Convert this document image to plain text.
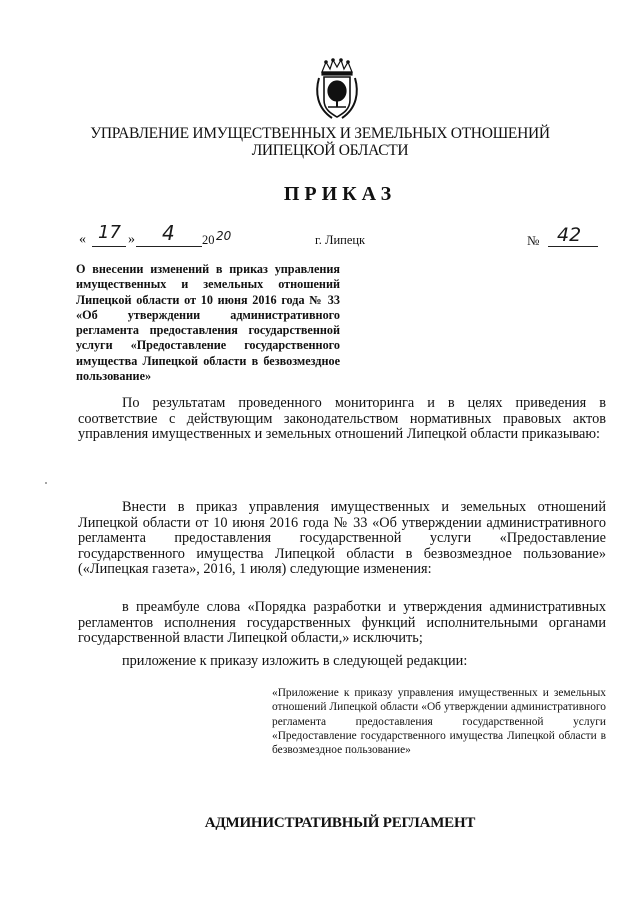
УПРАВЛЕНИЕ ИМУЩЕСТВЕННЫХ И ЗЕМЕЛЬНЫХ ОТНОШЕНИЙ
ЛИПЕЦКОЙ ОБЛАСТИ
ПРИКАЗ
« 17 » 4 20 20	г. Липецк	№ 42
О внесении изменений в приказ управления имущественных и земельных отношений Липецкой области от 10 июня 2016 года № 33 «Об утверждении административного регламента предоставления государственной услуги «Предоставление государственного имущества Липецкой области в безвозмездное пользование»
По результатам проведенного мониторинга и в целях приведения в соответствие с действующим законодательством нормативных правовых актов управления имущественных и земельных отношений Липецкой области приказываю:
Внести в приказ управления имущественных и земельных отношений Липецкой области от 10 июня 2016 года № 33 «Об утверждении административного регламента предоставления государственной услуги «Предоставление государственного имущества Липецкой области в безвозмездное пользование» («Липецкая газета», 2016, 1 июля) следующие изменения:
в преамбуле слова «Порядка разработки и утверждения административных регламентов исполнения государственных функций исполнительными органами государственной власти Липецкой области,» исключить;
приложение к приказу изложить в следующей редакции:
«Приложение к приказу управления имущественных и земельных отношений Липецкой области «Об утверждении административного регламента предоставления государственной услуги «Предоставление государственного имущества Липецкой области в безвозмездное пользование»
АДМИНИСТРАТИВНЫЙ РЕГЛАМЕНТ
